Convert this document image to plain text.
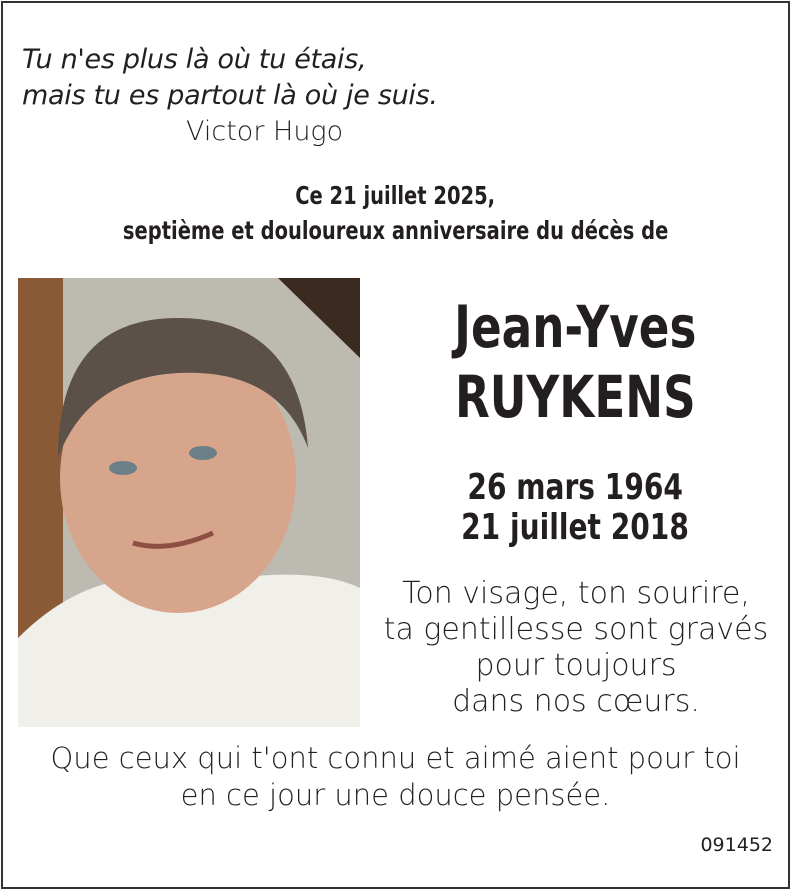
Tu n'es plus là où tu étais,
mais tu es partout là où je suis.
Victor Hugo
Ce 21 juillet 2025,
septième et douloureux anniversaire du décès de
Jean-Yves
RUYKENS
26 mars 1964
21 juillet 2018
Ton visage, ton sourire,
ta gentillesse sont gravés
pour toujours
dans nos cœurs.
Que ceux qui t'ont connu et aimé aient pour toi
en ce jour une douce pensée.
091452
